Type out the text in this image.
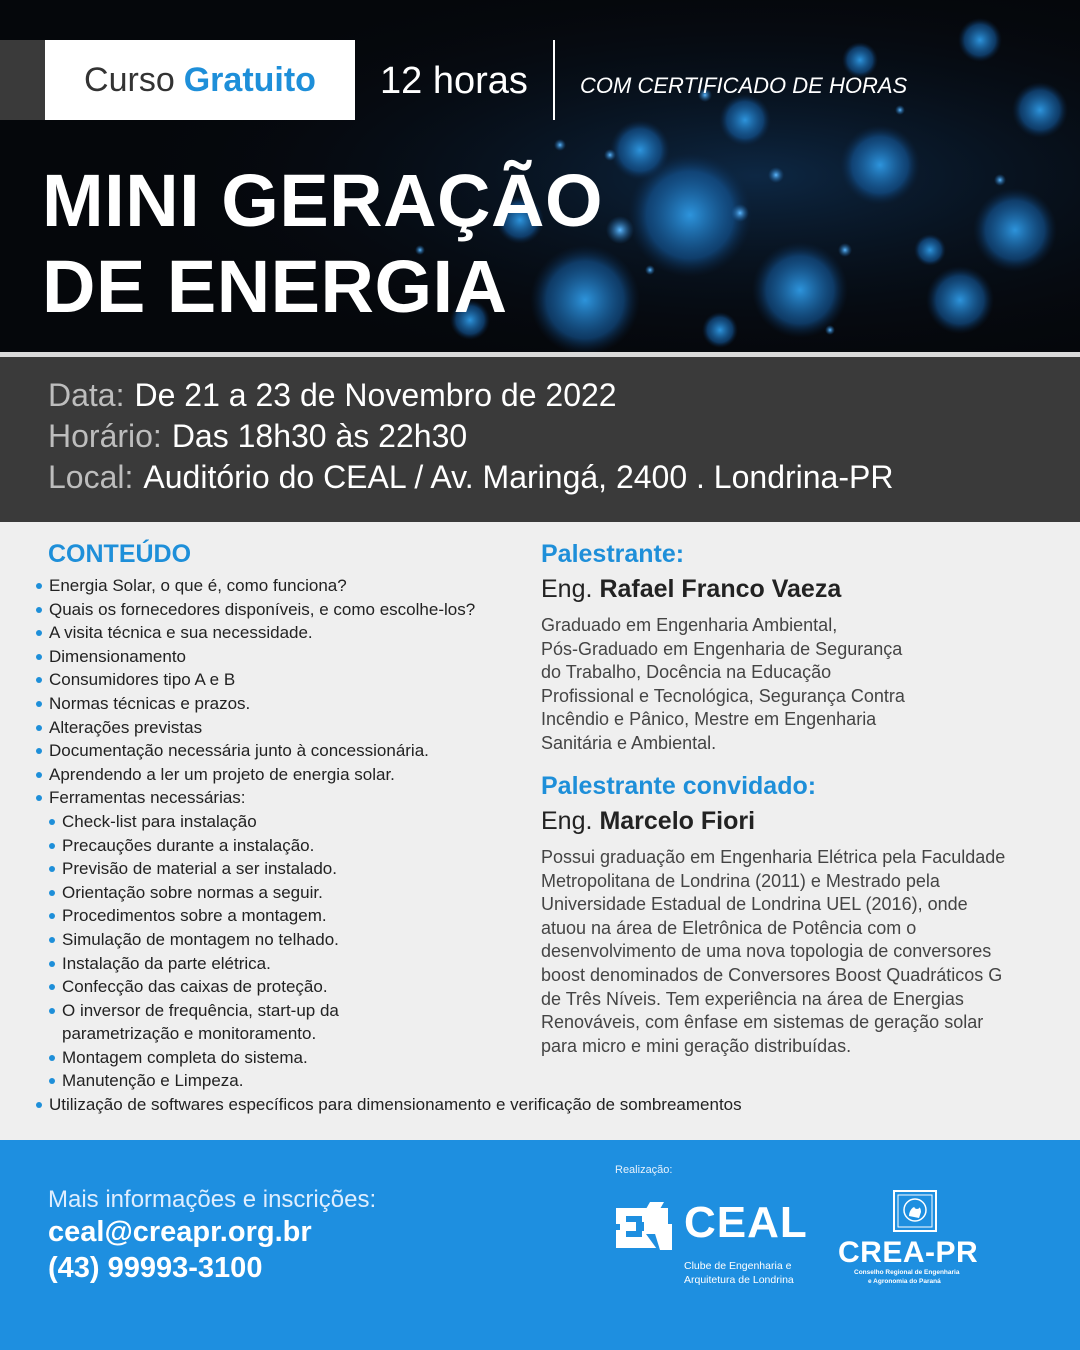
Curso Gratuito 12 horas COM CERTIFICADO DE HORAS
MINI GERAÇÃO
DE ENERGIA
Data: De 21 a 23 de Novembro de 2022
Horário: Das 18h30 às 22h30
Local: Auditório do CEAL / Av. Maringá, 2400 . Londrina-PR
CONTEÚDO
Energia Solar, o que é, como funciona?
Quais os fornecedores disponíveis, e como escolhe-los?
A visita técnica e sua necessidade.
Dimensionamento
Consumidores tipo A e B
Normas técnicas e prazos.
Alterações previstas
Documentação necessária junto à concessionária.
Aprendendo a ler um projeto de energia solar.
Ferramentas necessárias:
Check-list para instalação
Precauções durante a instalação.
Previsão de material a ser instalado.
Orientação sobre normas a seguir.
Procedimentos sobre a montagem.
Simulação de montagem no telhado.
Instalação da parte elétrica.
Confecção das caixas de proteção.
O inversor de frequência, start-up da
parametrização e monitoramento.
Montagem completa do sistema.
Manutenção e Limpeza.
Utilização de softwares específicos para dimensionamento e verificação de sombreamentos
Palestrante:
Eng. Rafael Franco Vaeza
Graduado em Engenharia Ambiental,
Pós-Graduado em Engenharia de Segurança
do Trabalho, Docência na Educação
Profissional e Tecnológica, Segurança Contra
Incêndio e Pânico, Mestre em Engenharia
Sanitária e Ambiental.
Palestrante convidado:
Eng. Marcelo Fiori
Possui graduação em Engenharia Elétrica pela Faculdade
Metropolitana de Londrina (2011) e Mestrado pela
Universidade Estadual de Londrina UEL (2016), onde
atuou na área de Eletrônica de Potência com o
desenvolvimento de uma nova topologia de conversores
boost denominados de Conversores Boost Quadráticos G
de Três Níveis. Tem experiência na área de Energias
Renováveis, com ênfase em sistemas de geração solar
para micro e mini geração distribuídas.
Mais informações e inscrições:
ceal@creapr.org.br
(43) 99993-3100
Realização:
CEAL
Clube de Engenharia e
Arquitetura de Londrina
CREA-PR
Conselho Regional de Engenharia
e Agronomia do Paraná
